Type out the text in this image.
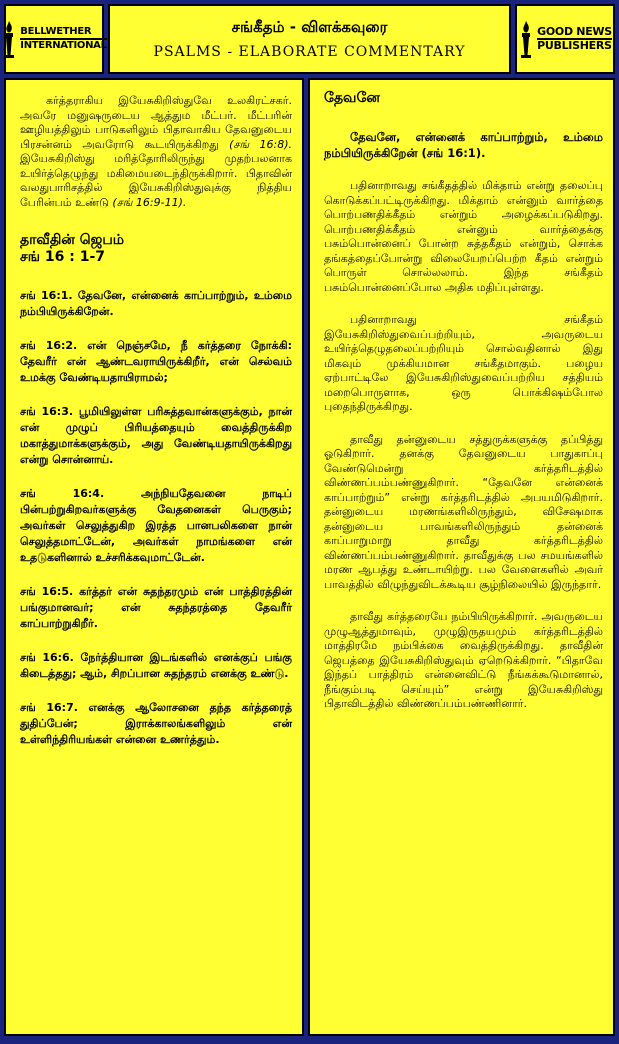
BELLWETHER
INTERNATIONAL
சங்கீதம் - விளக்கவுரை
PSALMS - ELABORATE COMMENTARY
GOOD NEWS
PUBLISHERS

கர்த்தராகிய இயேசுகிறிஸ்துவே உலகிரட்சகர். அவரே மனுஷருடைய ஆத்தும மீட்பர். மீட்பரின் ஊழியத்திலும் பாடுகளிலும் பிதாவாகிய தேவனுடைய பிரசன்னம் அவரோடு கூடயிருக்கிறது (சங் 16:8). இயேசுகிறிஸ்து மரித்தோரிலிருந்து முதற்பலனாக உயிர்த்தெழுந்து மகிமையடைந்திருக்கிறார். பிதாவின் வலதுபாரிசத்தில் இயேசுகிறிஸ்துவுக்கு நித்திய பேரின்பம் உண்டு (சங் 16:9-11).

தாவீதின் ஜெபம்
சங் 16 : 1-7

சங் 16:1. தேவனே, என்னைக் காப்பாற்றும், உம்மை நம்பியிருக்கிறேன்.

சங் 16:2. என் நெஞ்சமே, நீ கர்த்தரை நோக்கி: தேவரீர் என் ஆண்டவராயிருக்கிறீர், என் செல்வம் உமக்கு வேண்டியதாயிராமல்;

சங் 16:3. பூமியிலுள்ள பரிசுத்தவான்களுக்கும், நான் என் முழுப் பிரியத்தையும் வைத்திருக்கிற மகாத்துமாக்களுக்கும், அது வேண்டியதாயிருக்கிறது என்று சொன்னாய்.

சங் 16:4. அந்நியதேவனை நாடிப் பின்பற்றுகிறவர்களுக்கு வேதனைகள் பெருகும்; அவர்கள் செலுத்துகிற இரத்த பானபலிகளை நான் செலுத்தமாட்டேன், அவர்கள் நாமங்களை என் உதடுகளினால் உச்சரிக்கவுமாட்டேன்.

சங் 16:5. கர்த்தர் என் சுதந்தரமும் என் பாத்திரத்தின் பங்குமானவர்; என் சுதந்தரத்தை தேவரீர் காப்பாற்றுகிறீர்.

சங் 16:6. நேர்த்தியான இடங்களில் எனக்குப் பங்கு கிடைத்தது; ஆம், சிறப்பான சுதந்தரம் எனக்கு உண்டு.

சங் 16:7. எனக்கு ஆலோசனை தந்த கர்த்தரைத் துதிப்பேன்; இராக்காலங்களிலும் என் உள்ளிந்திரியங்கள் என்னை உணர்த்தும்.

தேவனே

தேவனே, என்னைக் காப்பாற்றும், உம்மை நம்பியிருக்கிறேன் (சங் 16:1).

பதினாறாவது சங்கீதத்தில் மிக்தாம் என்று தலைப்பு கொடுக்கப்பட்டிருக்கிறது. மிக்தாம் என்னும் வார்த்தை பொற்பணதிக்கீதம் என்றும் அழைக்கப்படுகிறது. பொற்பணதிக்கீதம் என்னும் வார்த்தைக்கு பசும்பொன்னைப் போன்ற சுத்தகீதம் என்றும், சொக்க தங்கத்தைப்போன்று விலையேறப்பெற்ற கீதம் என்றும் பொருள் சொல்லலாம். இந்த சங்கீதம் பசும்பொன்னைப்போல அதிக மதிப்புள்ளது.

பதினாறாவது சங்கீதம் இயேசுகிறிஸ்துவைப்பற்றியும், அவருடைய உயிர்த்தெழுதலைப்பற்றியும் சொல்வதினால் இது மிகவும் முக்கியமான சங்கீதமாகும். பழைய ஏற்பாட்டிலே இயேசுகிறிஸ்துவைப்பற்றிய சத்தியம் மறைபொருளாக, ஒரு பொக்கிஷம்போல புதைந்திருக்கிறது.

தாவீது தன்னுடைய சத்துருக்களுக்கு தப்பித்து ஓடுகிறார். தனக்கு தேவனுடைய பாதுகாப்பு வேண்டுமென்று கர்த்தரிடத்தில் விண்ணப்பம்பண்ணுகிறார். “தேவனே என்னைக் காப்பாற்றும்” என்று கர்த்தரிடத்தில் அபயமிடுகிறார். தன்னுடைய மரணங்களிலிருந்தும், விசேஷமாக தன்னுடைய பாவங்களிலிருந்தும் தன்னைக் காப்பாறுமாறு தாவீது கர்த்தரிடத்தில் விண்ணப்பம்பண்ணுகிறார். தாவீதுக்கு பல சமயங்களில் மரண ஆபத்து உண்டாயிற்று. பல வேளைகளில் அவர் பாவத்தில் விழுந்துவிடக்கூடிய சூழ்நிலையில் இருந்தார்.

தாவீது கர்த்தரையே நம்பியிருக்கிறார். அவருடைய முழுஆத்துமாவும், முழுஇருதயமும் கர்த்தரிடத்தில் மாத்திரமே நம்பிக்கை வைத்திருக்கிறது. தாவீதின் ஜெபத்தை இயேசுகிறிஸ்துவும் ஏறெடுக்கிறார். “பிதாவே இந்தப் பாத்திரம் என்னைவிட்டு நீங்கக்கூடுமானால், நீங்கும்படி செய்யும்” என்று இயேசுகிறிஸ்து பிதாவிடத்தில் விண்ணப்பம்பண்ணினார்.
